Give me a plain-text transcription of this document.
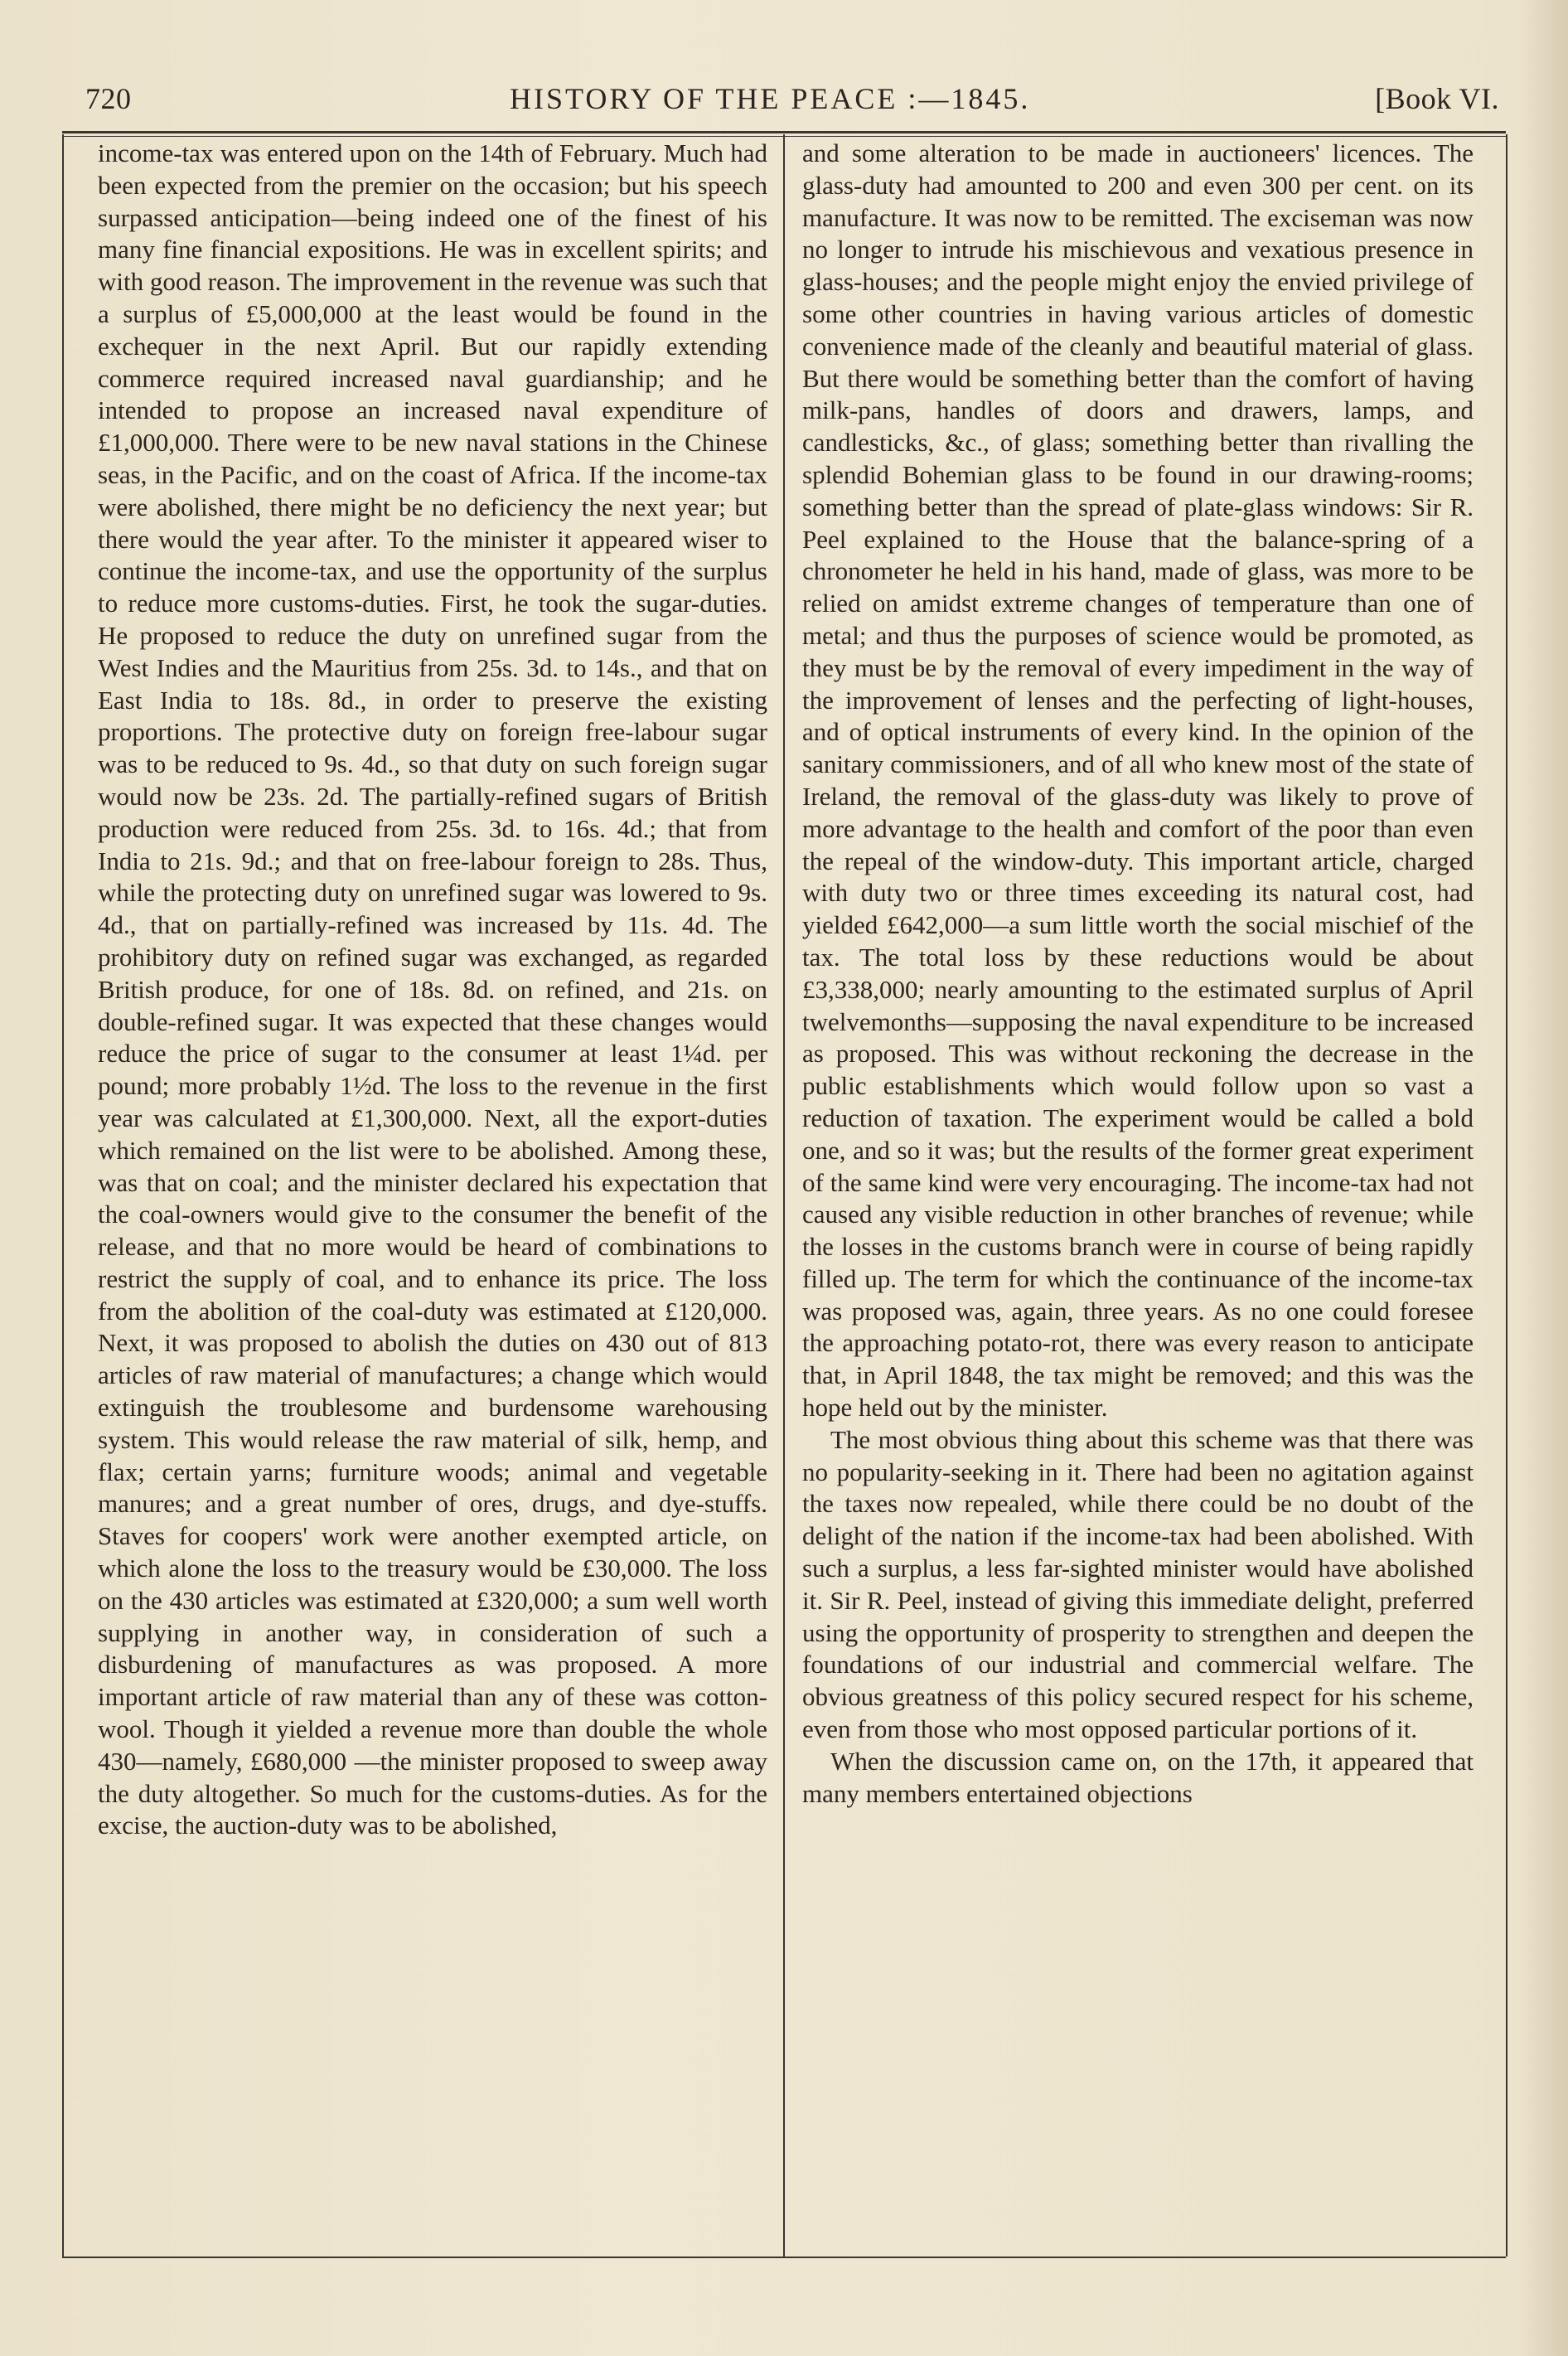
720	HISTORY OF THE PEACE :—1845.	[Book VI.

income-tax was entered upon on the 14th of February. Much had been expected from the premier on the occasion; but his speech surpassed anticipation—being indeed one of the finest of his many fine financial expositions. He was in excellent spirits; and with good reason. The improvement in the revenue was such that a surplus of £5,000,000 at the least would be found in the exchequer in the next April. But our rapidly extending commerce required increased naval guardianship; and he intended to propose an increased naval expenditure of £1,000,000. There were to be new naval stations in the Chinese seas, in the Pacific, and on the coast of Africa. If the income-tax were abolished, there might be no deficiency the next year; but there would the year after. To the minister it appeared wiser to continue the income-tax, and use the opportunity of the surplus to reduce more customs-duties. First, he took the sugar-duties. He proposed to reduce the duty on unrefined sugar from the West Indies and the Mauritius from 25s. 3d. to 14s., and that on East India to 18s. 8d., in order to preserve the existing proportions. The protective duty on foreign free-labour sugar was to be reduced to 9s. 4d., so that duty on such foreign sugar would now be 23s. 2d. The partially-refined sugars of British production were reduced from 25s. 3d. to 16s. 4d.; that from India to 21s. 9d.; and that on free-labour foreign to 28s. Thus, while the protecting duty on unrefined sugar was lowered to 9s. 4d., that on partially-refined was increased by 11s. 4d. The prohibitory duty on refined sugar was exchanged, as regarded British produce, for one of 18s. 8d. on refined, and 21s. on double-refined sugar. It was expected that these changes would reduce the price of sugar to the consumer at least 1¼d. per pound; more probably 1½d. The loss to the revenue in the first year was calculated at £1,300,000. Next, all the export-duties which remained on the list were to be abolished. Among these, was that on coal; and the minister declared his expectation that the coal-owners would give to the consumer the benefit of the release, and that no more would be heard of combinations to restrict the supply of coal, and to enhance its price. The loss from the abolition of the coal-duty was estimated at £120,000. Next, it was proposed to abolish the duties on 430 out of 813 articles of raw material of manufactures; a change which would extinguish the troublesome and burdensome warehousing system. This would release the raw material of silk, hemp, and flax; certain yarns; furniture woods; animal and vegetable manures; and a great number of ores, drugs, and dye-stuffs. Staves for coopers' work were another exempted article, on which alone the loss to the treasury would be £30,000. The loss on the 430 articles was estimated at £320,000; a sum well worth supplying in another way, in consideration of such a disburdening of manufactures as was proposed. A more important article of raw material than any of these was cotton-wool. Though it yielded a revenue more than double the whole 430—namely, £680,000 —the minister proposed to sweep away the duty altogether. So much for the customs-duties. As for the excise, the auction-duty was to be abolished,

and some alteration to be made in auctioneers' licences. The glass-duty had amounted to 200 and even 300 per cent. on its manufacture. It was now to be remitted. The exciseman was now no longer to intrude his mischievous and vexatious presence in glass-houses; and the people might enjoy the envied privilege of some other countries in having various articles of domestic convenience made of the cleanly and beautiful material of glass. But there would be something better than the comfort of having milk-pans, handles of doors and drawers, lamps, and candlesticks, &c., of glass; something better than rivalling the splendid Bohemian glass to be found in our drawing-rooms; something better than the spread of plate-glass windows: Sir R. Peel explained to the House that the balance-spring of a chronometer he held in his hand, made of glass, was more to be relied on amidst extreme changes of temperature than one of metal; and thus the purposes of science would be promoted, as they must be by the removal of every impediment in the way of the improvement of lenses and the perfecting of light-houses, and of optical instruments of every kind. In the opinion of the sanitary commissioners, and of all who knew most of the state of Ireland, the removal of the glass-duty was likely to prove of more advantage to the health and comfort of the poor than even the repeal of the window-duty. This important article, charged with duty two or three times exceeding its natural cost, had yielded £642,000—a sum little worth the social mischief of the tax. The total loss by these reductions would be about £3,338,000; nearly amounting to the estimated surplus of April twelvemonths—supposing the naval expenditure to be increased as proposed. This was without reckoning the decrease in the public establishments which would follow upon so vast a reduction of taxation. The experiment would be called a bold one, and so it was; but the results of the former great experiment of the same kind were very encouraging. The income-tax had not caused any visible reduction in other branches of revenue; while the losses in the customs branch were in course of being rapidly filled up. The term for which the continuance of the income-tax was proposed was, again, three years. As no one could foresee the approaching potato-rot, there was every reason to anticipate that, in April 1848, the tax might be removed; and this was the hope held out by the minister.

The most obvious thing about this scheme was that there was no popularity-seeking in it. There had been no agitation against the taxes now repealed, while there could be no doubt of the delight of the nation if the income-tax had been abolished. With such a surplus, a less far-sighted minister would have abolished it. Sir R. Peel, instead of giving this immediate delight, preferred using the opportunity of prosperity to strengthen and deepen the foundations of our industrial and commercial welfare. The obvious greatness of this policy secured respect for his scheme, even from those who most opposed particular portions of it.

When the discussion came on, on the 17th, it appeared that many members entertained objections
